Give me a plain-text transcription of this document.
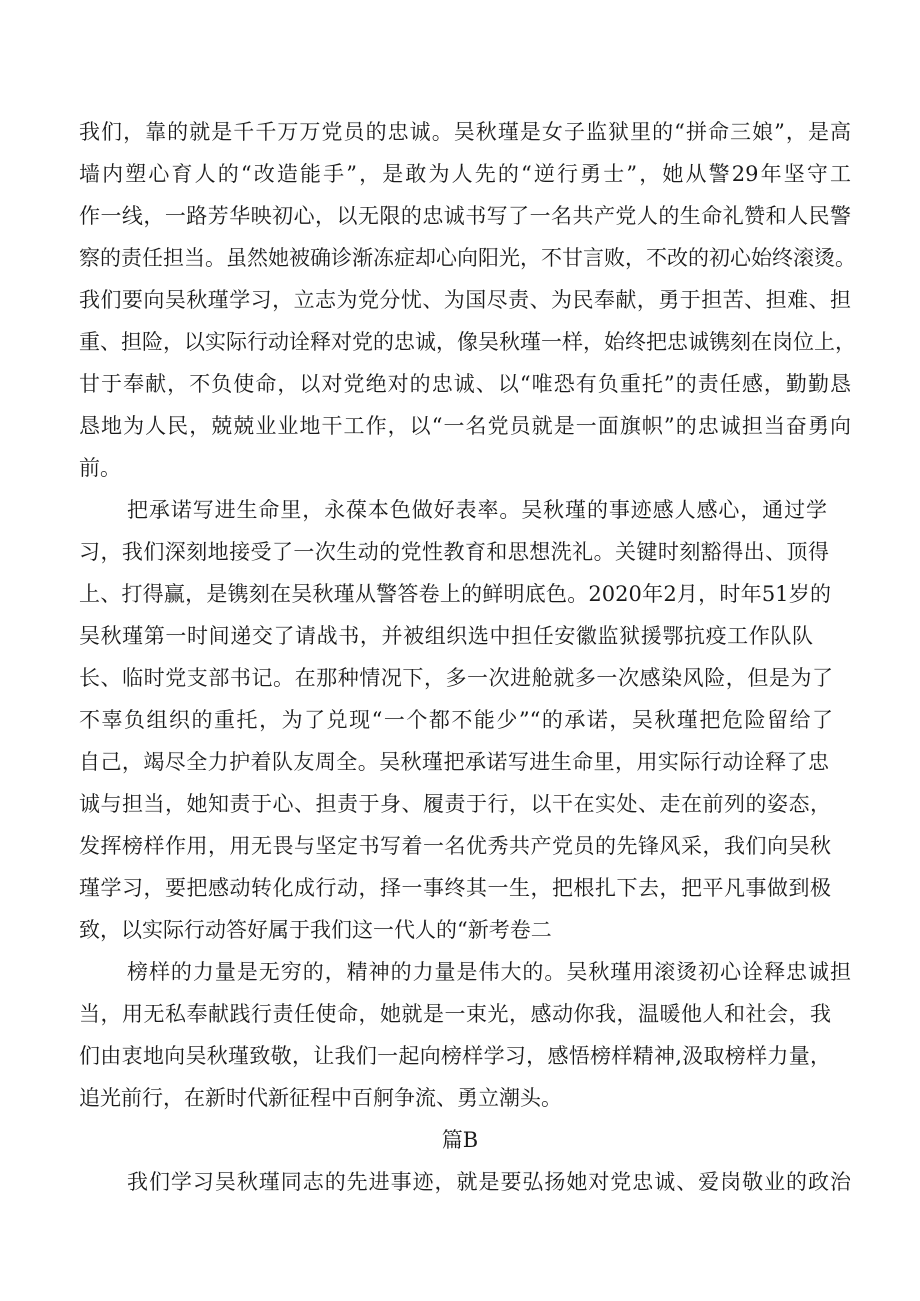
我们，靠的就是千千万万党员的忠诚。吴秋瑾是女子监狱里的“拼命三娘”，是高
墙内塑心育人的“改造能手”，是敢为人先的“逆行勇士”，她从警29年坚守工
作一线，一路芳华映初心，以无限的忠诚书写了一名共产党人的生命礼赞和人民警
察的责任担当。虽然她被确诊渐冻症却心向阳光，不甘言败，不改的初心始终滚烫。
我们要向吴秋瑾学习，立志为党分忧、为国尽责、为民奉献，勇于担苦、担难、担
重、担险，以实际行动诠释对党的忠诚，像吴秋瑾一样，始终把忠诚镌刻在岗位上，
甘于奉献，不负使命，以对党绝对的忠诚、以“唯恐有负重托”的责任感，勤勤恳
恳地为人民，兢兢业业地干工作，以“一名党员就是一面旗帜”的忠诚担当奋勇向
前。
把承诺写进生命里，永葆本色做好表率。吴秋瑾的事迹感人感心，通过学
习，我们深刻地接受了一次生动的党性教育和思想洗礼。关键时刻豁得出、顶得
上、打得赢，是镌刻在吴秋瑾从警答卷上的鲜明底色。2020年2月，时年51岁的
吴秋瑾第一时间递交了请战书，并被组织选中担任安徽监狱援鄂抗疫工作队队
长、临时党支部书记。在那种情况下，多一次进舱就多一次感染风险，但是为了
不辜负组织的重托，为了兑现“一个都不能少”“的承诺，吴秋瑾把危险留给了
自己，竭尽全力护着队友周全。吴秋瑾把承诺写进生命里，用实际行动诠释了忠
诚与担当，她知责于心、担责于身、履责于行，以干在实处、走在前列的姿态，
发挥榜样作用，用无畏与坚定书写着一名优秀共产党员的先锋风采，我们向吴秋
瑾学习，要把感动转化成行动，择一事终其一生，把根扎下去，把平凡事做到极
致，以实际行动答好属于我们这一代人的“新考卷二
榜样的力量是无穷的，精神的力量是伟大的。吴秋瑾用滚烫初心诠释忠诚担
当，用无私奉献践行责任使命，她就是一束光，感动你我，温暖他人和社会，我
们由衷地向吴秋瑾致敬，让我们一起向榜样学习，感悟榜样精神,汲取榜样力量，
追光前行，在新时代新征程中百舸争流、勇立潮头。
篇B
我们学习吴秋瑾同志的先进事迹，就是要弘扬她对党忠诚、爱岗敬业的政治
